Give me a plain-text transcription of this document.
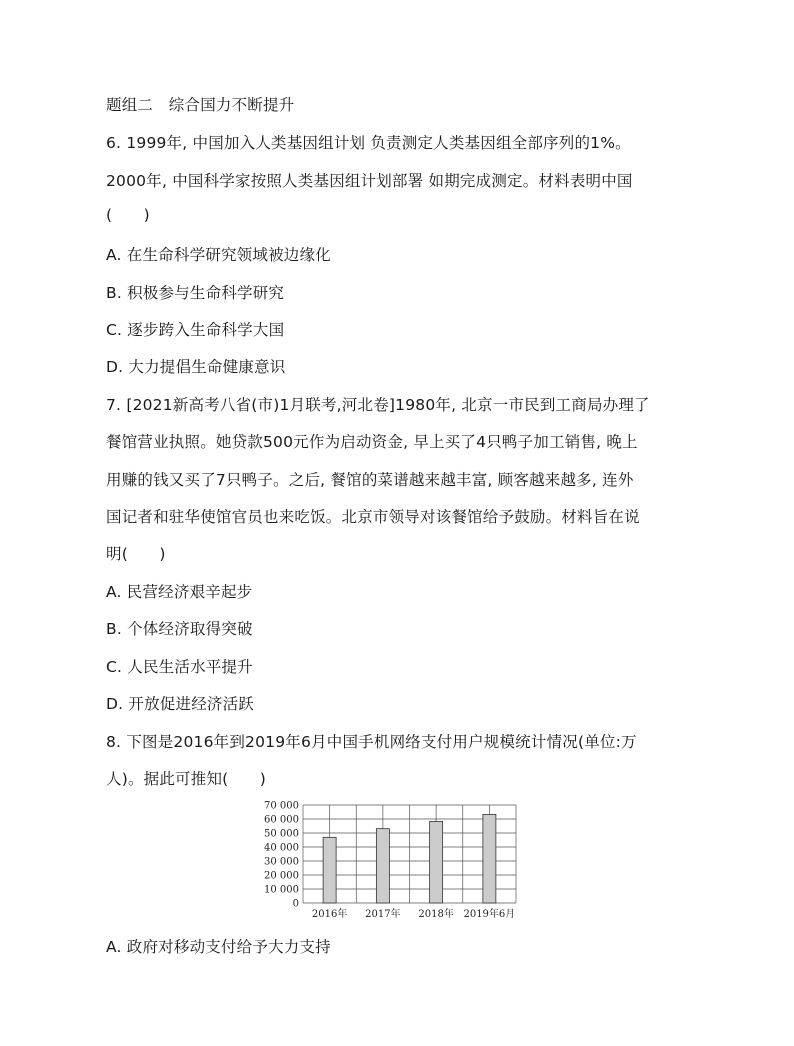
题组二　综合国力不断提升
6. 1999年, 中国加入人类基因组计划 负责测定人类基因组全部序列的1%。
2000年, 中国科学家按照人类基因组计划部署 如期完成测定。材料表明中国
(　　)
A. 在生命科学研究领域被边缘化
B. 积极参与生命科学研究
C. 逐步跨入生命科学大国
D. 大力提倡生命健康意识
7. [2021新高考八省(市)1月联考,河北卷]1980年, 北京一市民到工商局办理了
餐馆营业执照。她贷款500元作为启动资金, 早上买了4只鸭子加工销售, 晚上
用赚的钱又买了7只鸭子。之后, 餐馆的菜谱越来越丰富, 顾客越来越多, 连外
国记者和驻华使馆官员也来吃饭。北京市领导对该餐馆给予鼓励。材料旨在说
明(　　)
A. 民营经济艰辛起步
B. 个体经济取得突破
C. 人民生活水平提升
D. 开放促进经济活跃
8. 下图是2016年到2019年6月中国手机网络支付用户规模统计情况(单位:万
人)。据此可推知(　　)
70 000
60 000
50 000
40 000
30 000
20 000
10 000
0
2016年 2017年 2018年 2019年6月
A. 政府对移动支付给予大力支持
